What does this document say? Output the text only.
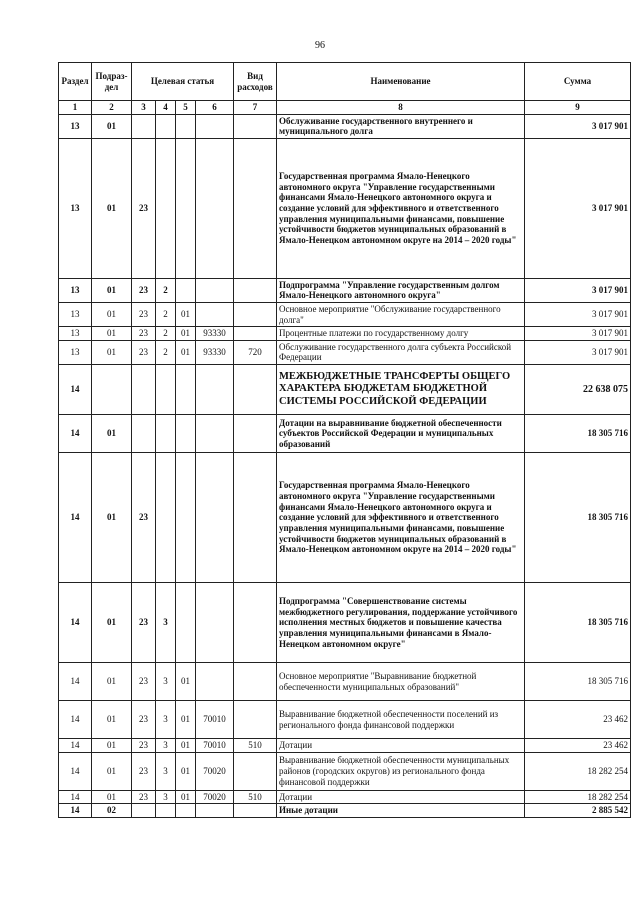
96
Раздел	Подраз-дел	Целевая статья				Вид расходов	Наименование	Сумма
1	2	3	4	5	6	7	8	9
13	01						Обслуживание государственного внутреннего и муниципального долга	3 017 901
13	01	23					Государственная программа Ямало-Ненецкого автономного округа "Управление государственными финансами Ямало-Ненецкого автономного округа и создание условий для эффективного и ответственного управления муниципальными финансами, повышение устойчивости бюджетов муниципальных образований в Ямало-Ненецком автономном округе на 2014 – 2020 годы"	3 017 901
13	01	23	2				Подпрограмма "Управление государственным долгом Ямало-Ненецкого автономного округа"	3 017 901
13	01	23	2	01			Основное мероприятие "Обслуживание государственного долга"	3 017 901
13	01	23	2	01	93330		Процентные платежи по государственному долгу	3 017 901
13	01	23	2	01	93330	720	Обслуживание государственного долга субъекта Российской Федерации	3 017 901
14							МЕЖБЮДЖЕТНЫЕ ТРАНСФЕРТЫ ОБЩЕГО ХАРАКТЕРА БЮДЖЕТАМ БЮДЖЕТНОЙ СИСТЕМЫ РОССИЙСКОЙ ФЕДЕРАЦИИ	22 638 075
14	01						Дотации на выравнивание бюджетной обеспеченности субъектов Российской Федерации и муниципальных образований	18 305 716
14	01	23					Государственная программа Ямало-Ненецкого автономного округа "Управление государственными финансами Ямало-Ненецкого автономного округа и создание условий для эффективного и ответственного управления муниципальными финансами, повышение устойчивости бюджетов муниципальных образований в Ямало-Ненецком автономном округе на 2014 – 2020 годы"	18 305 716
14	01	23	3				Подпрограмма "Совершенствование системы межбюджетного регулирования, поддержание устойчивого исполнения местных бюджетов и повышение качества управления муниципальными финансами в Ямало-Ненецком автономном округе"	18 305 716
14	01	23	3	01			Основное мероприятие "Выравнивание бюджетной обеспеченности муниципальных образований"	18 305 716
14	01	23	3	01	70010		Выравнивание бюджетной обеспеченности поселений из регионального фонда финансовой поддержки	23 462
14	01	23	3	01	70010	510	Дотации	23 462
14	01	23	3	01	70020		Выравнивание бюджетной обеспеченности муниципальных районов (городских округов) из регионального фонда финансовой поддержки	18 282 254
14	01	23	3	01	70020	510	Дотации	18 282 254
14	02						Иные дотации	2 885 542
